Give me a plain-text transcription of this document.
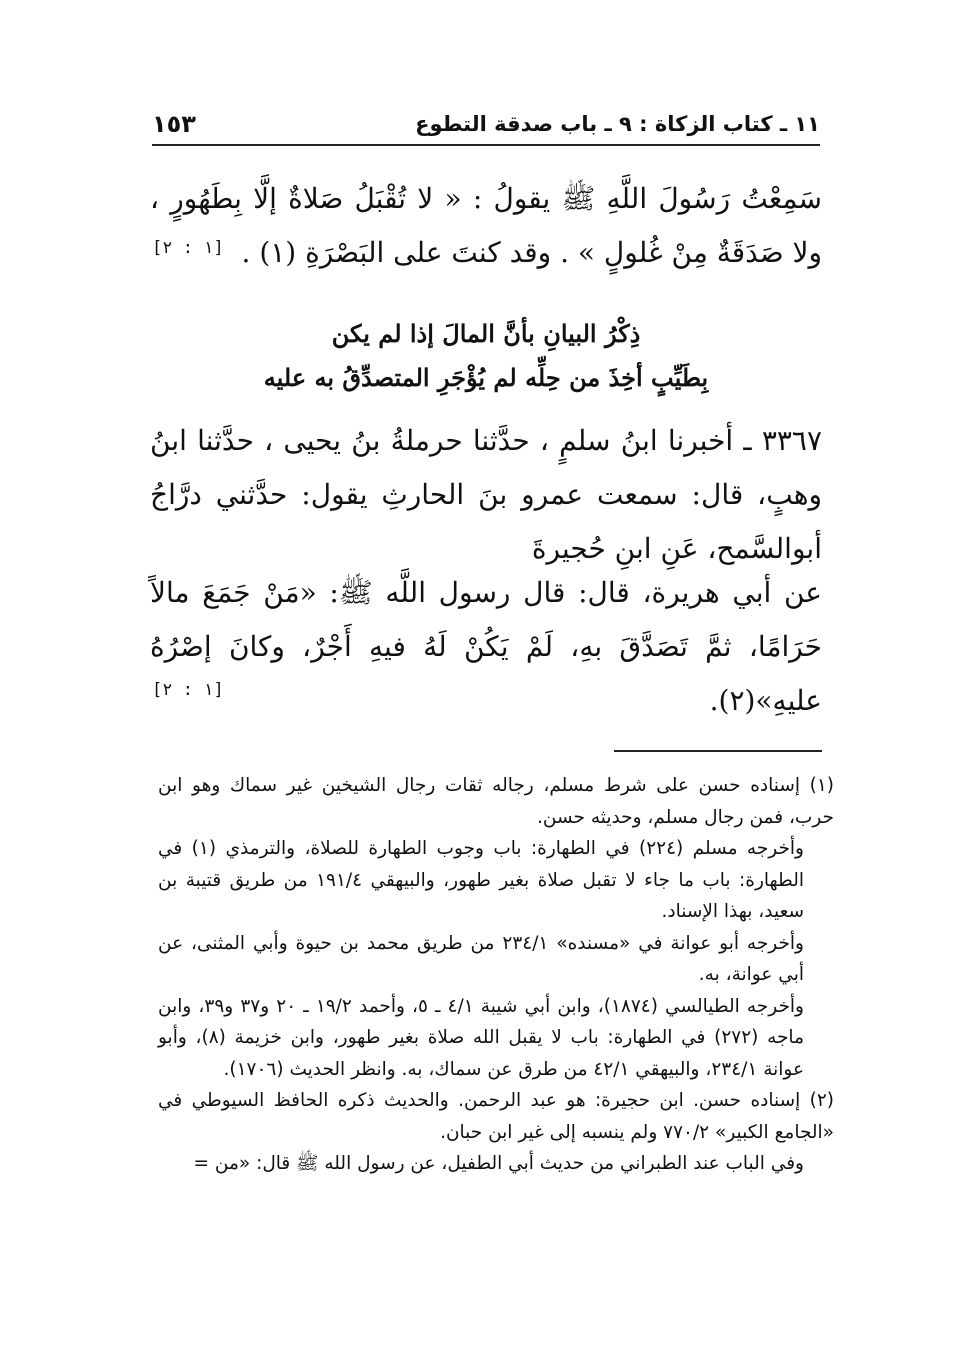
١١ ـ كتاب الزكاة : ٩ ـ باب صدقة التطوع
١٥٣
سَمِعْتُ رَسُولَ اللَّهِ ﷺ يقولُ : « لا تُقْبَلُ صَلاةٌ إلَّا بِطَهُورٍ ، ولا صَدَقَةٌ مِنْ غُلولٍ » . وقد كنتَ على البَصْرَةِ (١) .
[١ : ٢]
ذِكْرُ البيانِ بأنَّ المالَ إذا لم يكن
بِطَيِّبٍ أخِذَ من حِلِّه لم يُؤْجَرِ المتصدِّقُ به عليه
٣٣٦٧ ـ أخبرنا ابنُ سلمٍ ، حدَّثنا حرملةُ بنُ يحيى ، حدَّثنا ابنُ وهبٍ، قال: سمعت عمرو بنَ الحارثِ يقول: حدَّثني درَّاجُ أبوالسَّمح، عَنِ ابنِ حُجيرةَ
عن أبي هريرة، قال: قال رسول اللَّه ﷺ: «مَنْ جَمَعَ مالاً حَرَامًا، ثمَّ تَصَدَّقَ بهِ، لَمْ يَكُنْ لَهُ فيهِ أَجْرٌ، وكانَ إصْرُهُ عليهِ»(٢).
[١ : ٢]
(١) إسناده حسن على شرط مسلم، رجاله ثقات رجال الشيخين غير سماك وهو ابن حرب، فمن رجال مسلم، وحديثه حسن.
وأخرجه مسلم (٢٢٤) في الطهارة: باب وجوب الطهارة للصلاة، والترمذي (١) في الطهارة: باب ما جاء لا تقبل صلاة بغير طهور، والبيهقي ١٩١/٤ من طريق قتيبة بن سعيد، بهذا الإسناد.
وأخرجه أبو عوانة في «مسنده» ٢٣٤/١ من طريق محمد بن حيوة وأبي المثنى، عن أبي عوانة، به.
وأخرجه الطيالسي (١٨٧٤)، وابن أبي شيبة ٤/١ ـ ٥، وأحمد ١٩/٢ ـ ٢٠ و٣٧ و٣٩، وابن ماجه (٢٧٢) في الطهارة: باب لا يقبل الله صلاة بغير طهور، وابن خزيمة (٨)، وأبو عوانة ٢٣٤/١، والبيهقي ٤٢/١ من طرق عن سماك، به. وانظر الحديث (١٧٠٦).
(٢) إسناده حسن. ابن حجيرة: هو عبد الرحمن. والحديث ذكره الحافظ السيوطي في «الجامع الكبير» ٧٧٠/٢ ولم ينسبه إلى غير ابن حبان.
وفي الباب عند الطبراني من حديث أبي الطفيل، عن رسول الله ﷺ قال: «من =
